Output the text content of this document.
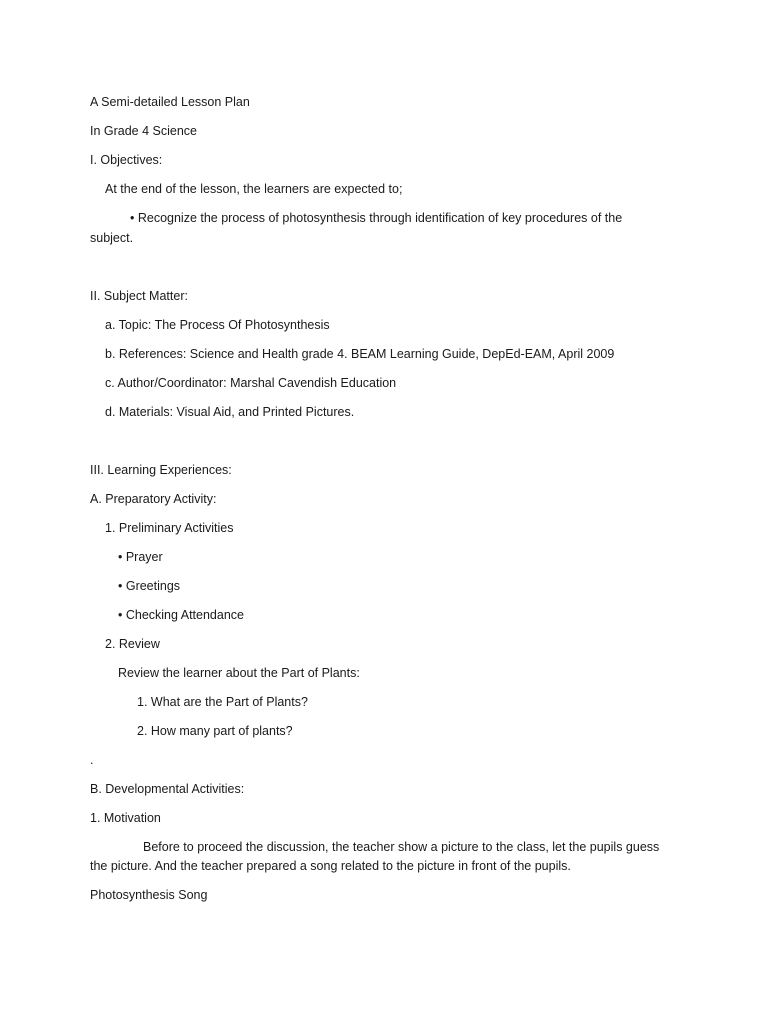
A Semi-detailed Lesson Plan
In Grade 4 Science
I. Objectives:
At the end of the lesson, the learners are expected to;
• Recognize the process of photosynthesis through identification of key procedures of the
subject.
II. Subject Matter:
a. Topic: The Process Of Photosynthesis
b. References: Science and Health grade 4. BEAM Learning Guide, DepEd-EAM, April 2009
c. Author/Coordinator: Marshal Cavendish Education
d. Materials: Visual Aid, and Printed Pictures.
III. Learning Experiences:
A. Preparatory Activity:
1. Preliminary Activities
• Prayer
• Greetings
• Checking Attendance
2. Review
Review the learner about the Part of Plants:
1. What are the Part of Plants?
2. How many part of plants?
.
B. Developmental Activities:
1. Motivation
Before to proceed the discussion, the teacher show a picture to the class, let the pupils guess
the picture. And the teacher prepared a song related to the picture in front of the pupils.
Photosynthesis Song
